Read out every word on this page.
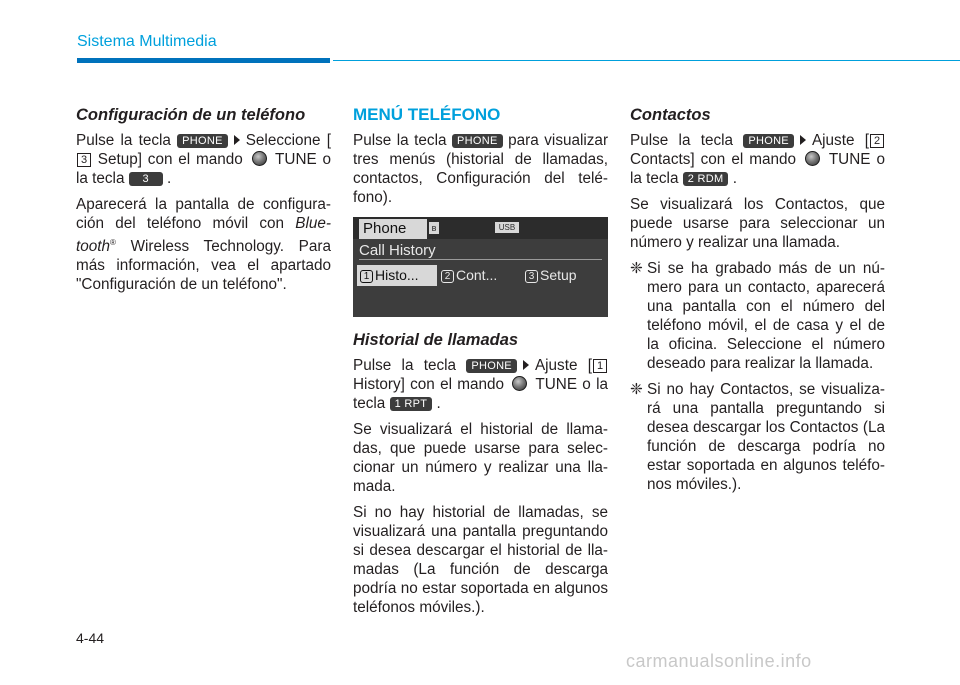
Sistema Multimedia
Configuración de un teléfono

Pulse la tecla PHONE Seleccione [3 Setup] con el mando TUNE o la tecla 3 .

Aparecerá la pantalla de configuración del teléfono móvil con Bluetooth® Wireless Technology. Para más información, vea el apartado "Configuración de un teléfono".

MENÚ TELÉFONO

Pulse la tecla PHONE para visualizar tres menús (historial de llamadas, contactos, Configuración del teléfono).

Phone	ʙ	USB
Call History
1 Histo...	2 Cont...	3 Setup
Historial de llamadas

Pulse la tecla PHONE Ajuste [ 1 History] con el mando TUNE o la tecla 1 RPT .

Se visualizará el historial de llamadas, que puede usarse para seleccionar un número y realizar una llamada.

Si no hay historial de llamadas, se visualizará una pantalla preguntando si desea descargar el historial de llamadas (La función de descarga podría no estar soportada en algunos teléfonos móviles.).

Contactos

Pulse la tecla PHONE Ajuste [ 2 Contacts] con el mando TUNE o la tecla 2 RDM .

Se visualizará los Contactos, que puede usarse para seleccionar un número y realizar una llamada.

❈ Si se ha grabado más de un número para un contacto, aparecerá una pantalla con el número del teléfono móvil, el de casa y el de la oficina. Seleccione el número deseado para realizar la llamada.
❈ Si no hay Contactos, se visualizará una pantalla preguntando si desea descargar los Contactos (La función de descarga podría no estar soportada en algunos teléfonos móviles.).
4-44
carmanualsonline.info
